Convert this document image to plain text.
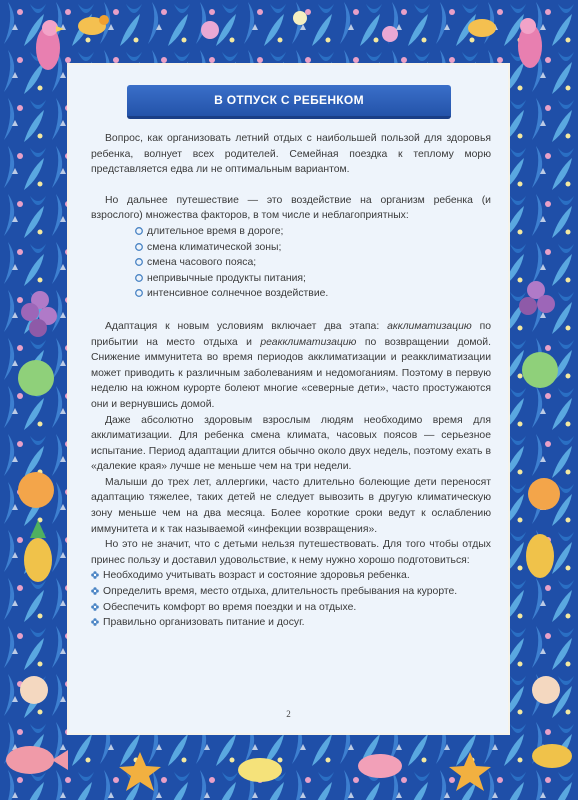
В ОТПУСК С РЕБЕНКОМ

Вопрос, как организовать летний отдых с наибольшей пользой для здоровья ребенка, волнует всех родителей. Семейная поездка к теплому морю представляется едва ли не оптимальным вариантом.

Но дальнее путешествие — это воздействие на организм ребенка (и взрослого) множества факторов, в том числе и неблагоприятных:

длительное время в дороге;
смена климатической зоны;
смена часового пояса;
непривычные продукты питания;
интенсивное солнечное воздействие.

Адаптация к новым условиям включает два этапа: акклиматизацию по прибытии на место отдыха и реакклиматизацию по возвращении домой. Снижение иммунитета во время периодов акклиматизации и реакклиматизации может приводить к различным заболеваниям и недомоганиям. Поэтому в первую неделю на южном курорте болеют многие «северные дети», часто простужаются они и вернувшись домой.

Даже абсолютно здоровым взрослым людям необходимо время для акклиматизации. Для ребенка смена климата, часовых поясов — серьезное испытание. Период адаптации длится обычно около двух недель, поэтому ехать в «далекие края» лучше не меньше чем на три недели.

Малыши до трех лет, аллергики, часто длительно болеющие дети переносят адаптацию тяжелее, таких детей не следует вывозить в другую климатическую зону меньше чем на два месяца. Более короткие сроки ведут к ослаблению иммунитета и к так называемой «инфекции возвращения».

Но это не значит, что с детьми нельзя путешествовать. Для того чтобы отдых принес пользу и доставил удовольствие, к нему нужно хорошо подготовиться:

Необходимо учитывать возраст и состояние здоровья ребенка.
Определить время, место отдыха, длительность пребывания на курорте.
Обеспечить комфорт во время поездки и на отдыхе.
Правильно организовать питание и досуг.
2
